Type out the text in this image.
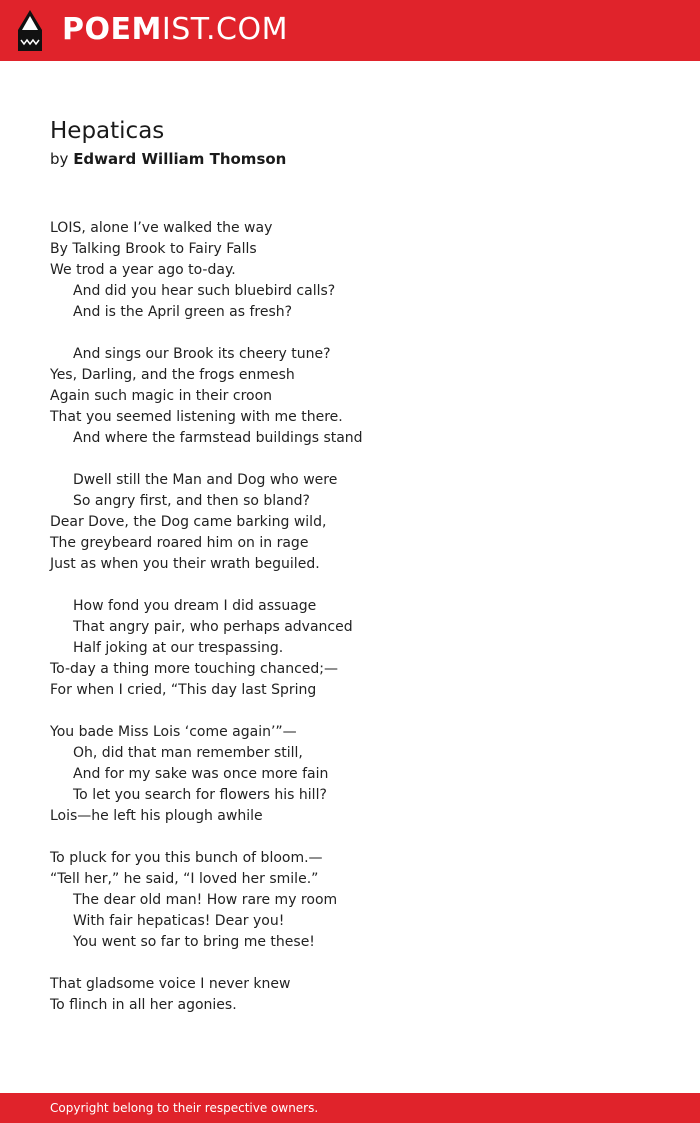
POEMIST.COM
Hepaticas
by Edward William Thomson
LOIS, alone I’ve walked the way
By Talking Brook to Fairy Falls
We trod a year ago to-day.
And did you hear such bluebird calls?
And is the April green as fresh?
And sings our Brook its cheery tune?
Yes, Darling, and the frogs enmesh
Again such magic in their croon
That you seemed listening with me there.
And where the farmstead buildings stand
Dwell still the Man and Dog who were
So angry first, and then so bland?
Dear Dove, the Dog came barking wild,
The greybeard roared him on in rage
Just as when you their wrath beguiled.
How fond you dream I did assuage
That angry pair, who perhaps advanced
Half joking at our trespassing.
To-day a thing more touching chanced;—
For when I cried, “This day last Spring
You bade Miss Lois ‘come again’”—
Oh, did that man remember still,
And for my sake was once more fain
To let you search for flowers his hill?
Lois—he left his plough awhile
To pluck for you this bunch of bloom.—
“Tell her,” he said, “I loved her smile.”
The dear old man! How rare my room
With fair hepaticas! Dear you!
You went so far to bring me these!
That gladsome voice I never knew
To flinch in all her agonies.
Copyright belong to their respective owners.
